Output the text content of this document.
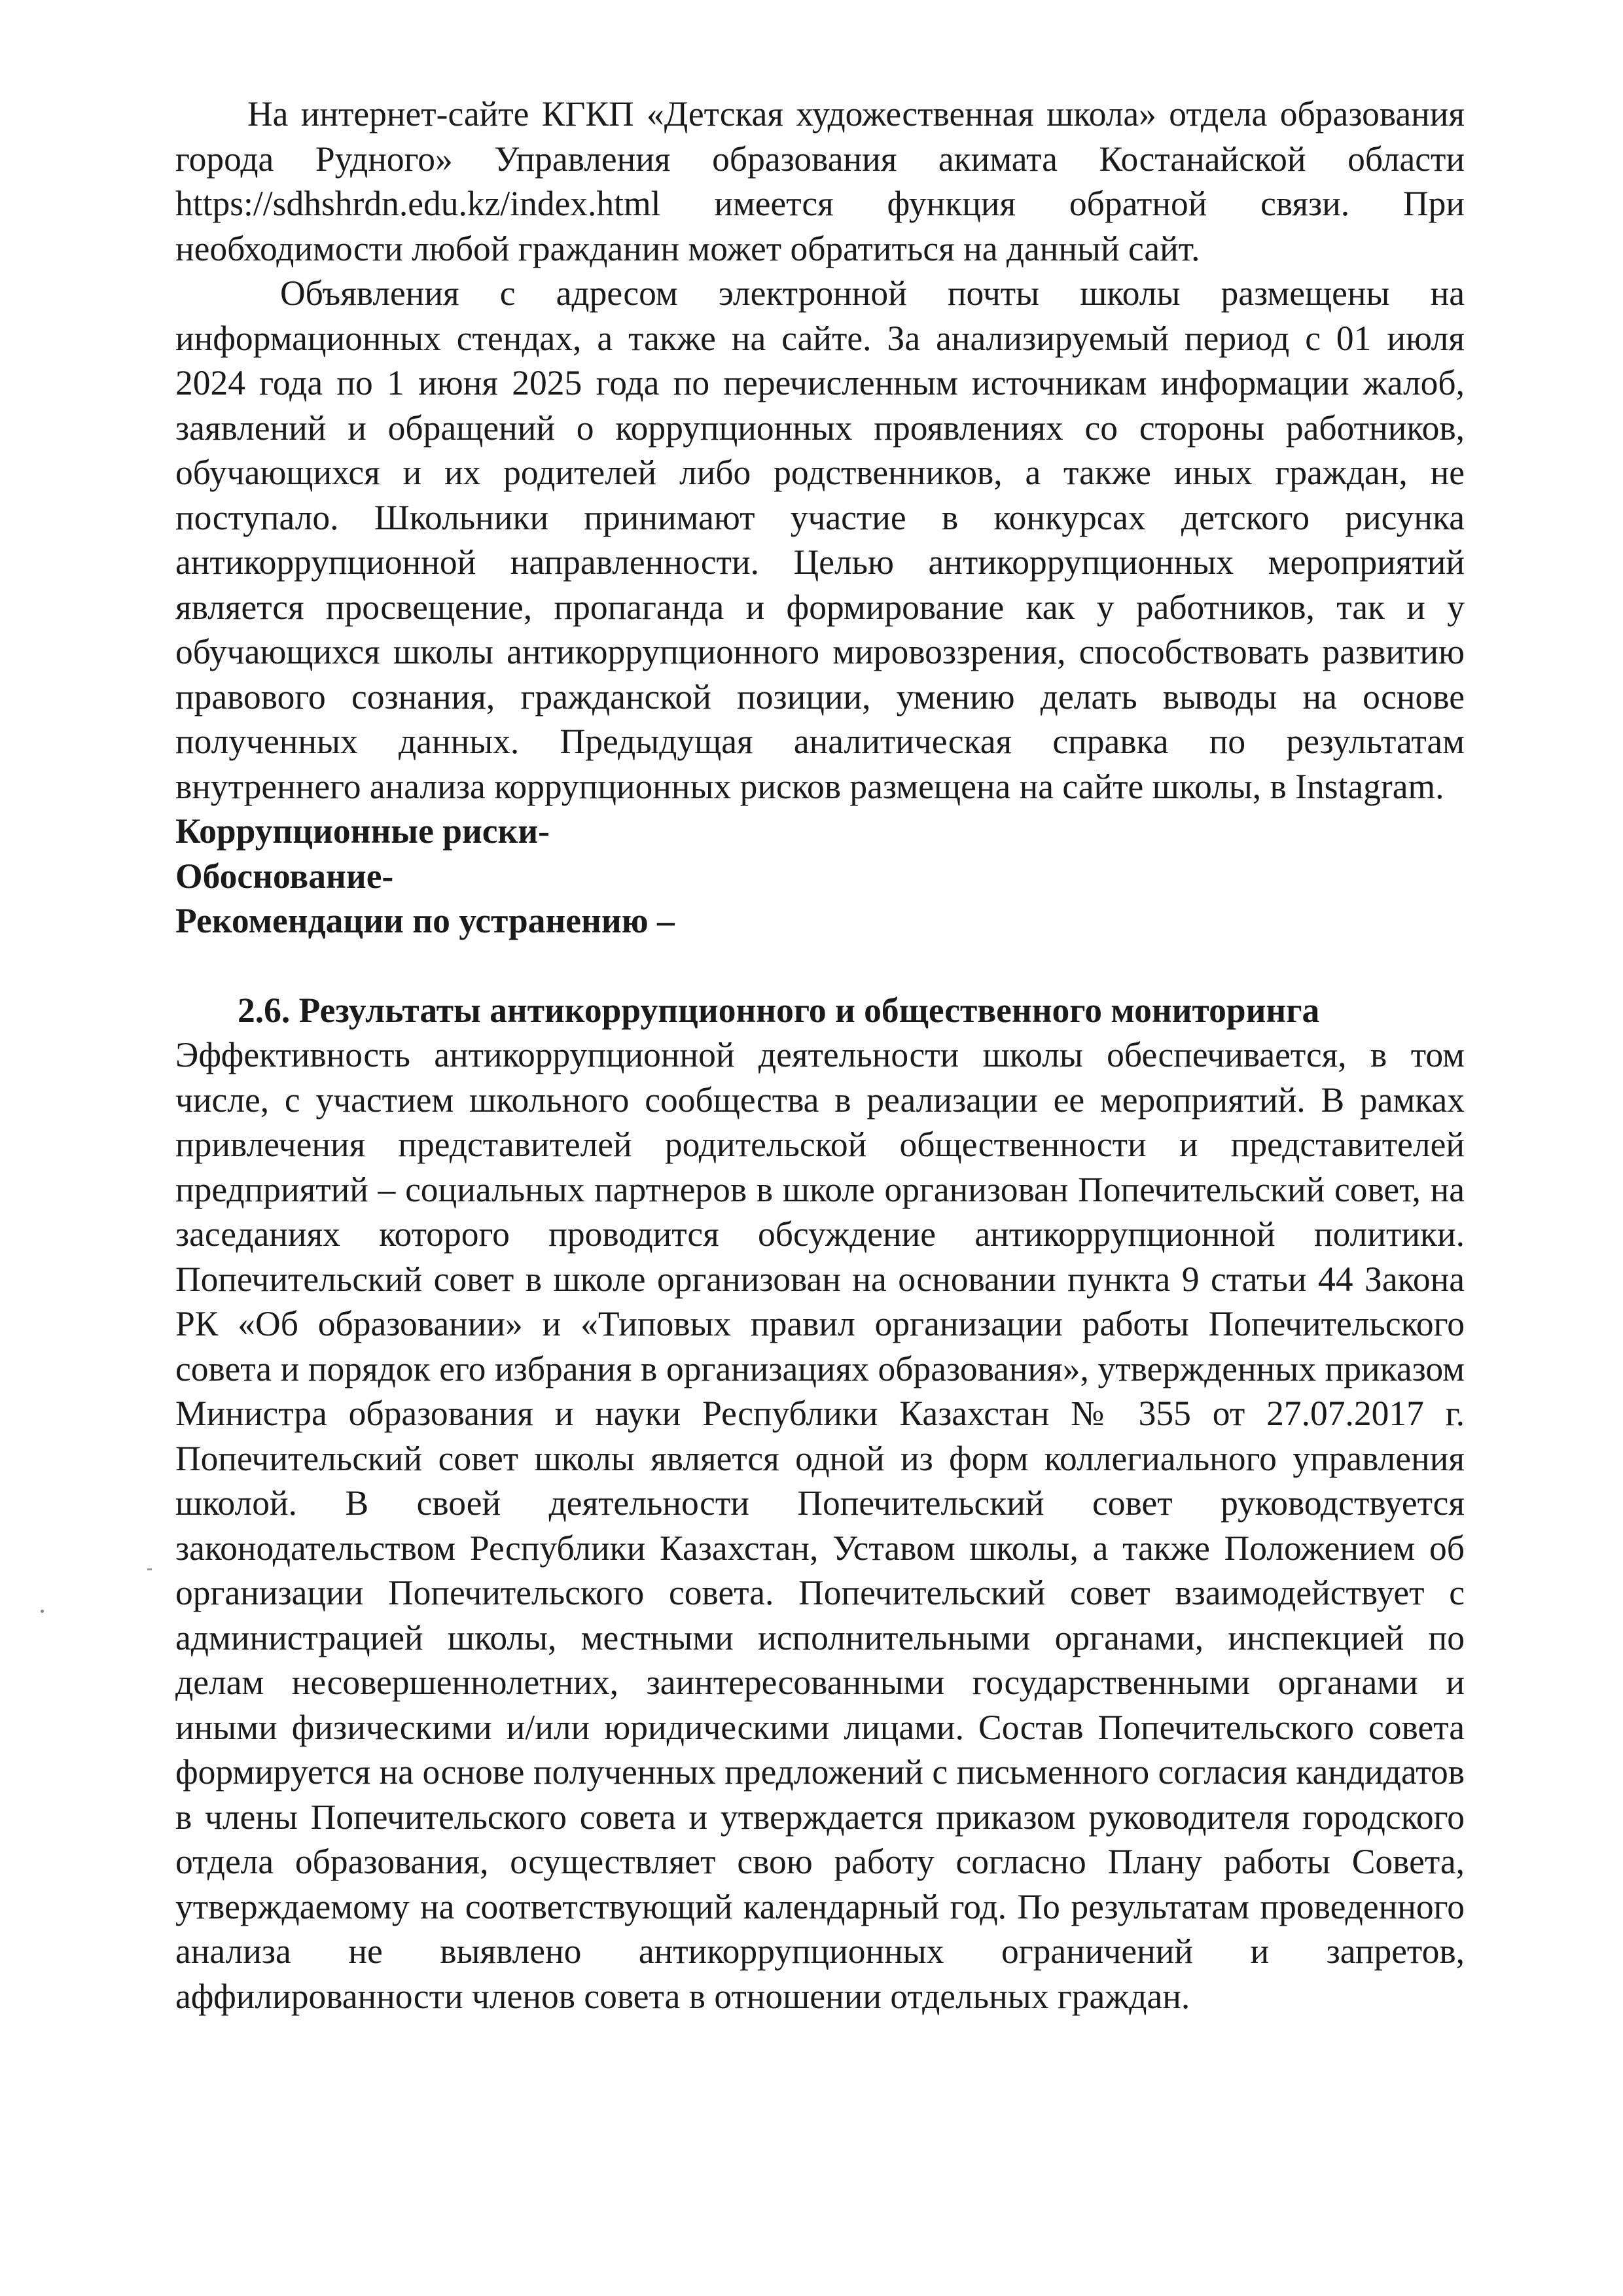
На интернет-сайте КГКП «Детская художественная школа» отдела образования города Рудного» Управления образования акимата Костанайской области https://sdhshrdn.edu.kz/index.html имеется функция обратной связи. При необходимости любой гражданин может обратиться на данный сайт.

Объявления с адресом электронной почты школы размещены на информационных стендах, а также на сайте. За анализируемый период с 01 июля 2024 года по 1 июня 2025 года по перечисленным источникам информации жалоб, заявлений и обращений о коррупционных проявлениях со стороны работников, обучающихся и их родителей либо родственников, а также иных граждан, не поступало. Школьники принимают участие в конкурсах детского рисунка антикоррупционной направленности. Целью антикоррупционных мероприятий является просвещение, пропаганда и формирование как у работников, так и у обучающихся школы антикоррупционного мировоззрения, способствовать развитию правового сознания, гражданской позиции, умению делать выводы на основе полученных данных. Предыдущая аналитическая справка по результатам внутреннего анализа коррупционных рисков размещена на сайте школы, в Instagram.

Коррупционные риски-

Обоснование-

Рекомендации по устранению –

2.6. Результаты антикоррупционного и общественного мониторинга

Эффективность антикоррупционной деятельности школы обеспечивается, в том числе, с участием школьного сообщества в реализации ее мероприятий. В рамках привлечения представителей родительской общественности и представителей предприятий – социальных партнеров в школе организован Попечительский совет, на заседаниях которого проводится обсуждение антикоррупционной политики. Попечительский совет в школе организован на основании пункта 9 статьи 44 Закона РК «Об образовании» и «Типовых правил организации работы Попечительского совета и порядок его избрания в организациях образования», утвержденных приказом Министра образования и науки Республики Казахстан № 355 от 27.07.2017 г. Попечительский совет школы является одной из форм коллегиального управления школой. В своей деятельности Попечительский совет руководствуется законодательством Республики Казахстан, Уставом школы, а также Положением об организации Попечительского совета. Попечительский совет взаимодействует с администрацией школы, местными исполнительными органами, инспекцией по делам несовершеннолетних, заинтересованными государственными органами и иными физическими и/или юридическими лицами. Состав Попечительского совета формируется на основе полученных предложений с письменного согласия кандидатов в члены Попечительского совета и утверждается приказом руководителя городского отдела образования, осуществляет свою работу согласно Плану работы Совета, утверждаемому на соответствующий календарный год. По результатам проведенного анализа не выявлено антикоррупционных ограничений и запретов, аффилированности членов совета в отношении отдельных граждан.
